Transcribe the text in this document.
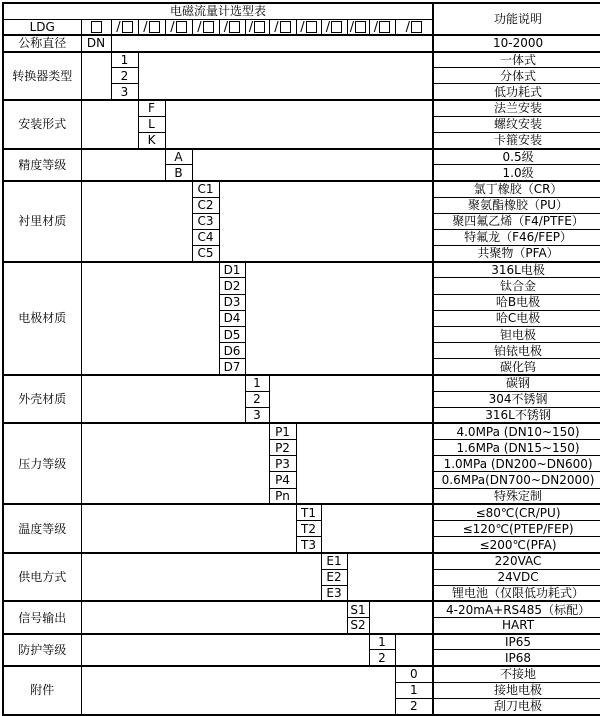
电磁流量计选型表														功能说明
LDG		/	/	/	/	/	/	/	/	/	/	/	/	
公称直径	DN													10-2000
转换器类型		1												一体式
		2												分体式
		3												低功耗式
安装形式			F											法兰安装
			L											螺纹安装
			K											卡箍安装
精度等级				A										0.5级
				B										1.0级
衬里材质					C1									氯丁橡胶（CR）
					C2									聚氨酯橡胶（PU）
					C3									聚四氟乙烯（F4/PTFE）
					C4									特氟龙（F46/FEP）
					C5									共聚物（PFA）
电极材质						D1								316L电极
						D2								钛合金
						D3								哈B电极
						D4								哈C电极
						D5								钽电极
						D6								铂铱电极
						D7								碳化钨
外壳材质							1							碳钢
							2							304不锈钢
							3							316L不锈钢
压力等级								P1						4.0MPa (DN10~150)
								P2						1.6MPa (DN15~150)
								P3						1.0MPa (DN200~DN600)
								P4						0.6MPa(DN700~DN2000)
								Pn						特殊定制
温度等级									T1					≤80℃(CR/PU)
									T2					≤120℃(PTEP/FEP)
									T3					≤200℃(PFA)
供电方式										E1				220VAC
										E2				24VDC
										E3				锂电池（仅限低功耗式）
信号输出											S1			4-20mA+RS485（标配）
											S2			HART
防护等级												1		IP65
												2		IP68
附件													0	不接地
													1	接地电极
													2	刮刀电极
